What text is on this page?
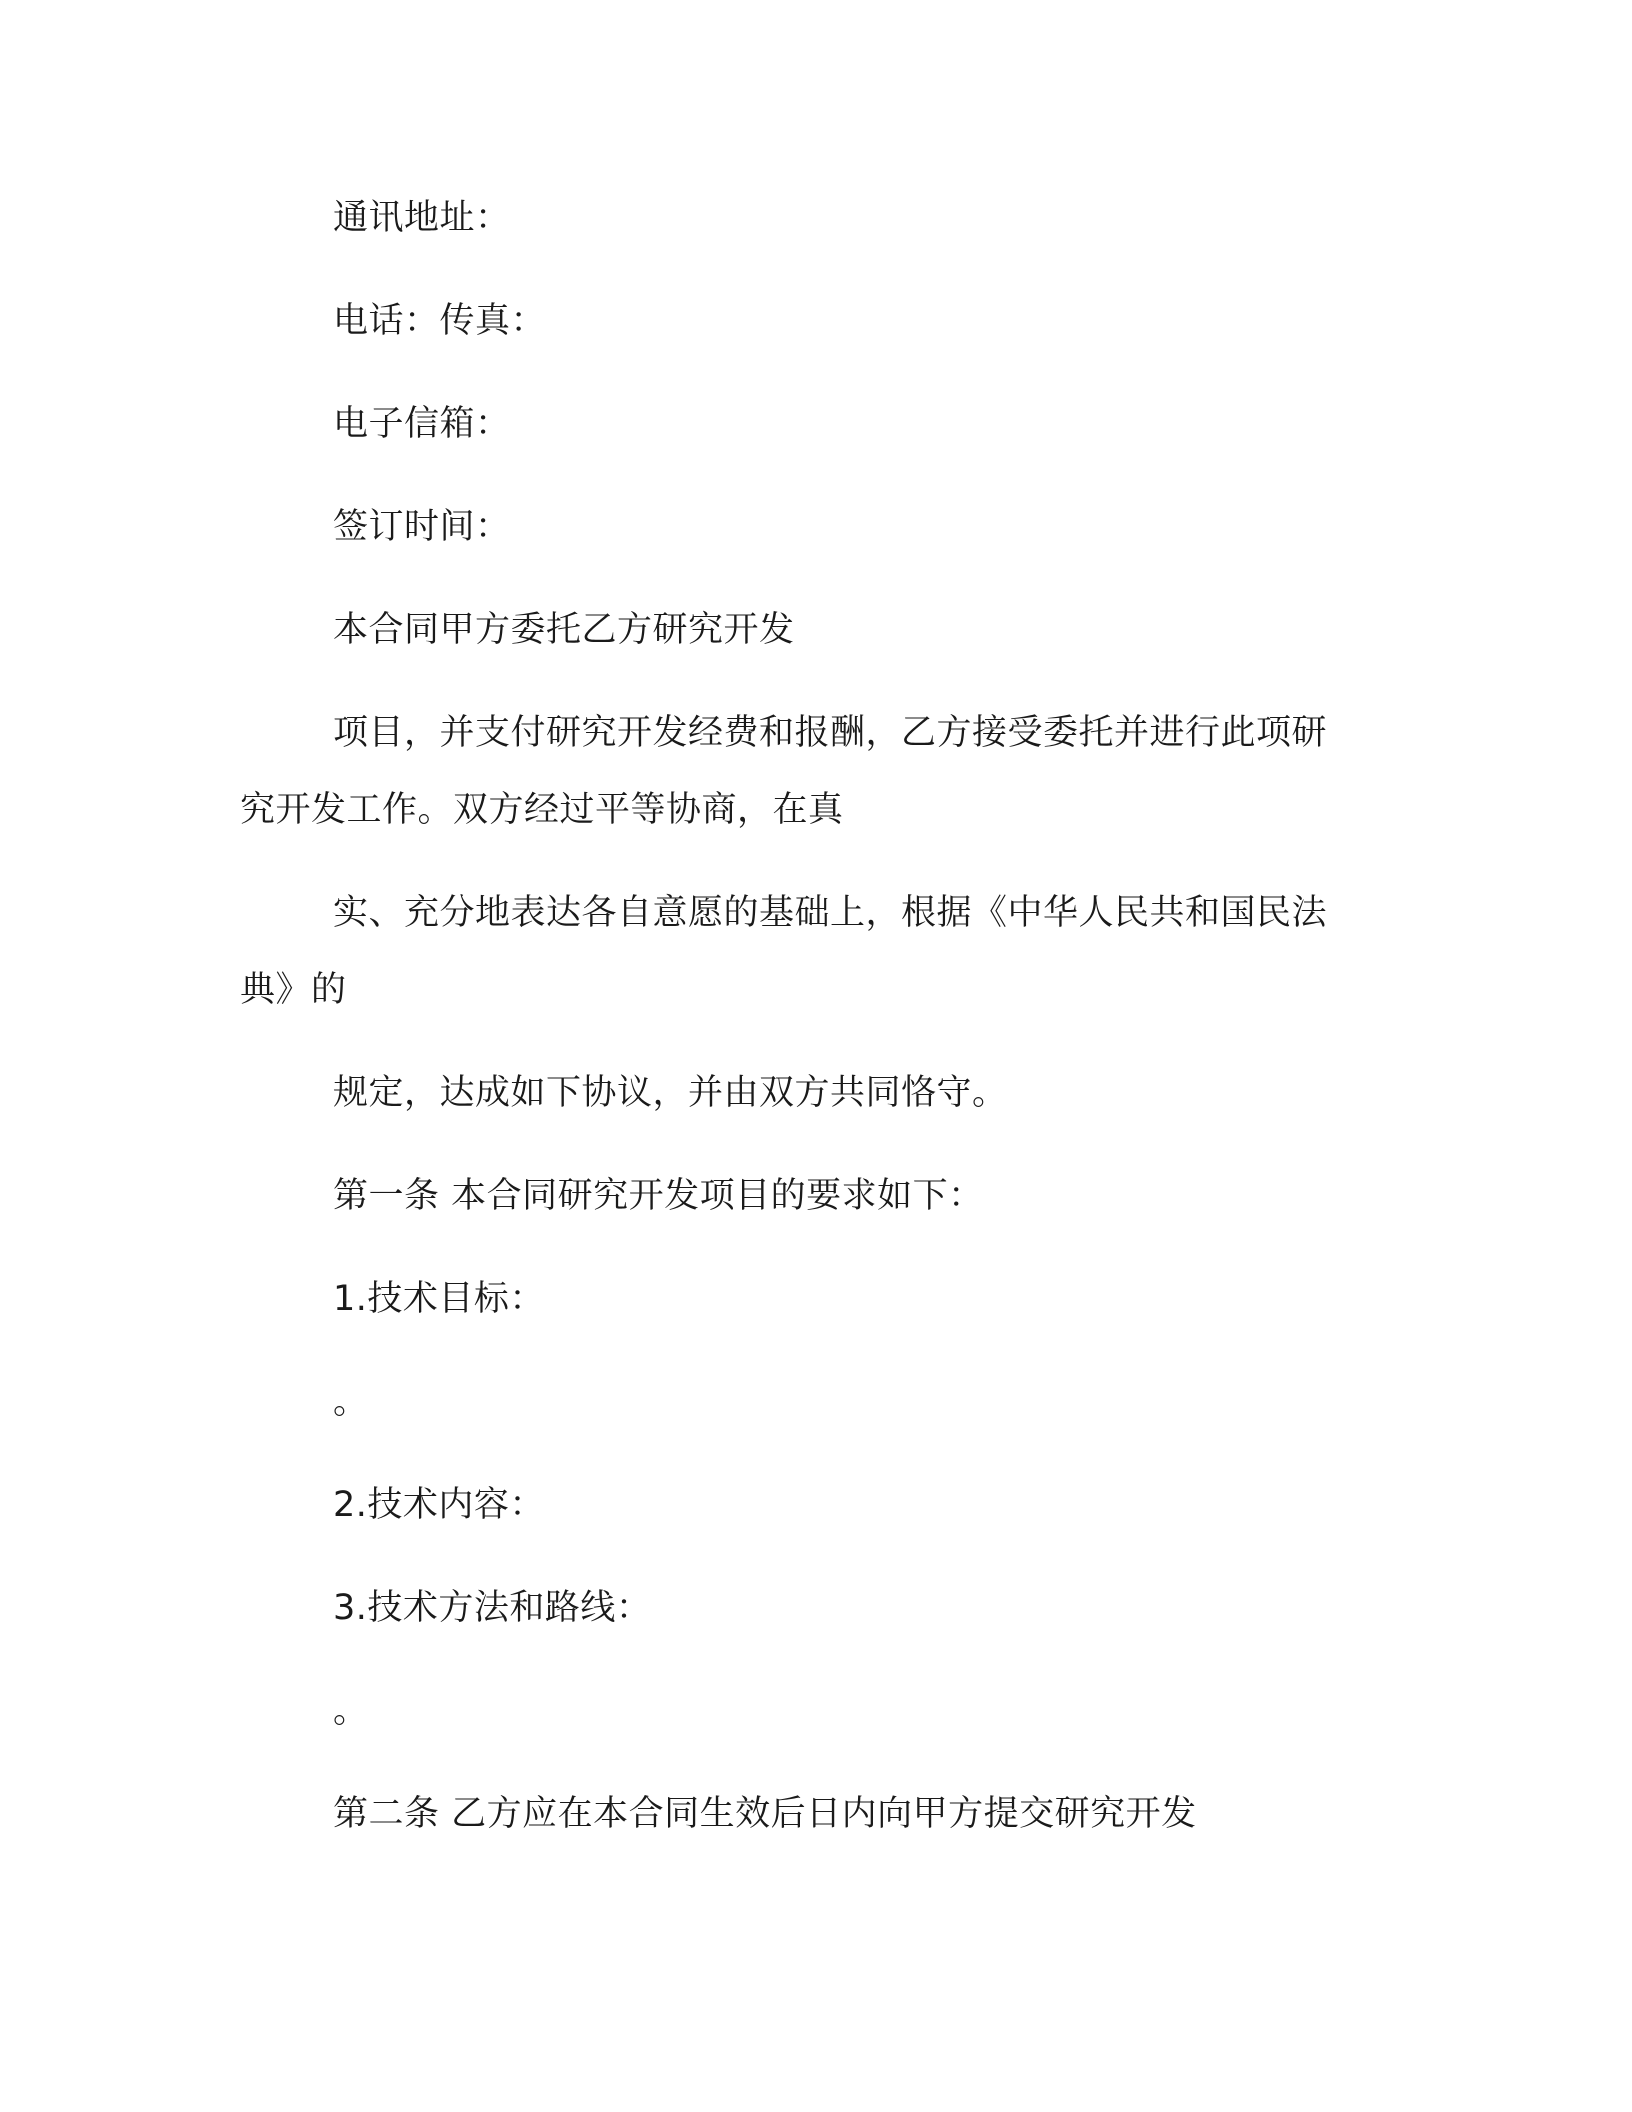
通讯地址：
电话：传真：
电子信箱：
签订时间：
本合同甲方委托乙方研究开发
项目，并支付研究开发经费和报酬，乙方接受委托并进行此项研
究开发工作。双方经过平等协商，在真
实、充分地表达各自意愿的基础上，根据《中华人民共和国民法
典》的
规定，达成如下协议，并由双方共同恪守。
第一条 本合同研究开发项目的要求如下：
1.技术目标：
。
2.技术内容：
3.技术方法和路线：
。
第二条 乙方应在本合同生效后日内向甲方提交研究开发
